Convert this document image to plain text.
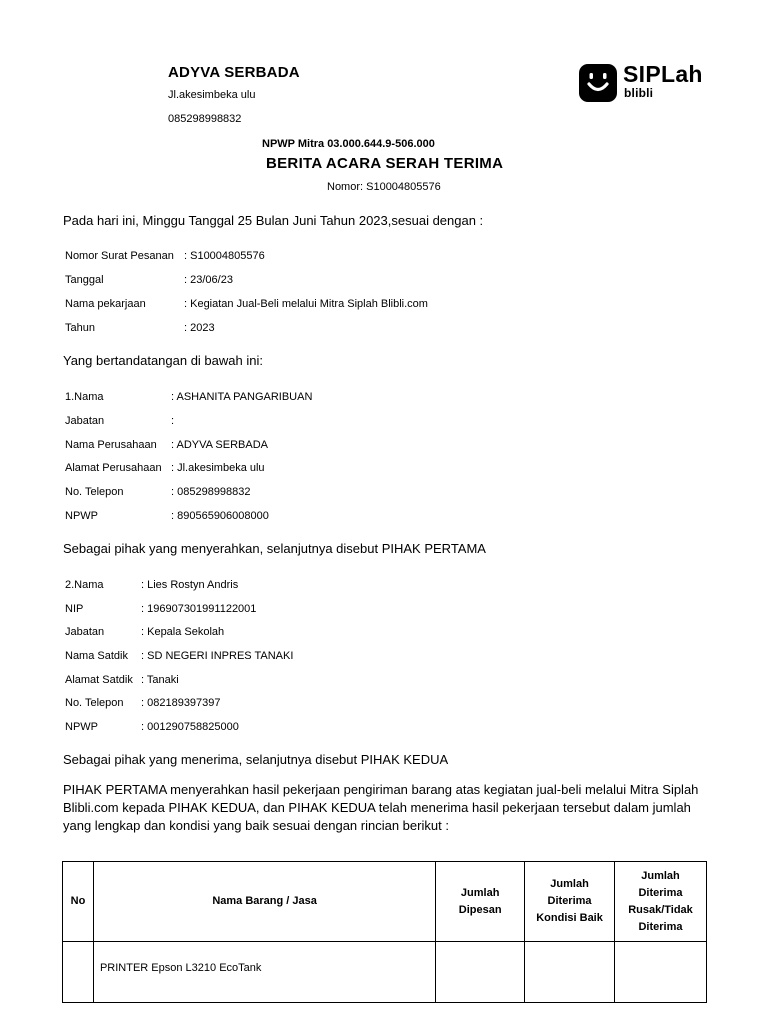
ADYVA SERBADA
Jl.akesimbeka ulu
085298998832
SIPLah
blibli
NPWP Mitra 03.000.644.9-506.000
BERITA ACARA SERAH TERIMA
Nomor: S10004805576
Pada hari ini, Minggu Tanggal 25 Bulan Juni Tahun 2023,sesuai dengan :
Nomor Surat Pesanan : S10004805576
Tanggal	: 23/06/23
Nama pekarjaan	: Kegiatan Jual-Beli melalui Mitra Siplah Blibli.com
Tahun	: 2023
Yang bertandatangan di bawah ini:
1.Nama	: ASHANITA PANGARIBUAN
Jabatan	:
Nama Perusahaan : ADYVA SERBADA
Alamat Perusahaan : Jl.akesimbeka ulu
No. Telepon	: 085298998832
NPWP	: 890565906008000
Sebagai pihak yang menyerahkan, selanjutnya disebut PIHAK PERTAMA
2.Nama	: Lies Rostyn Andris
NIP	: 196907301991122001
Jabatan	: Kepala Sekolah
Nama Satdik : SD NEGERI INPRES TANAKI
Alamat Satdik : Tanaki
No. Telepon : 082189397397
NPWP	: 001290758825000
Sebagai pihak yang menerima, selanjutnya disebut PIHAK KEDUA
PIHAK PERTAMA menyerahkan hasil pekerjaan pengiriman barang atas kegiatan jual-beli melalui Mitra Siplah Blibli.com kepada PIHAK KEDUA, dan PIHAK KEDUA telah menerima hasil pekerjaan tersebut dalam jumlah yang lengkap dan kondisi yang baik sesuai dengan rincian berikut :
No	Nama Barang / Jasa	Jumlah Dipesan	Jumlah Diterima Kondisi Baik	Jumlah Diterima Rusak/Tidak Diterima
	PRINTER Epson L3210 EcoTank			
